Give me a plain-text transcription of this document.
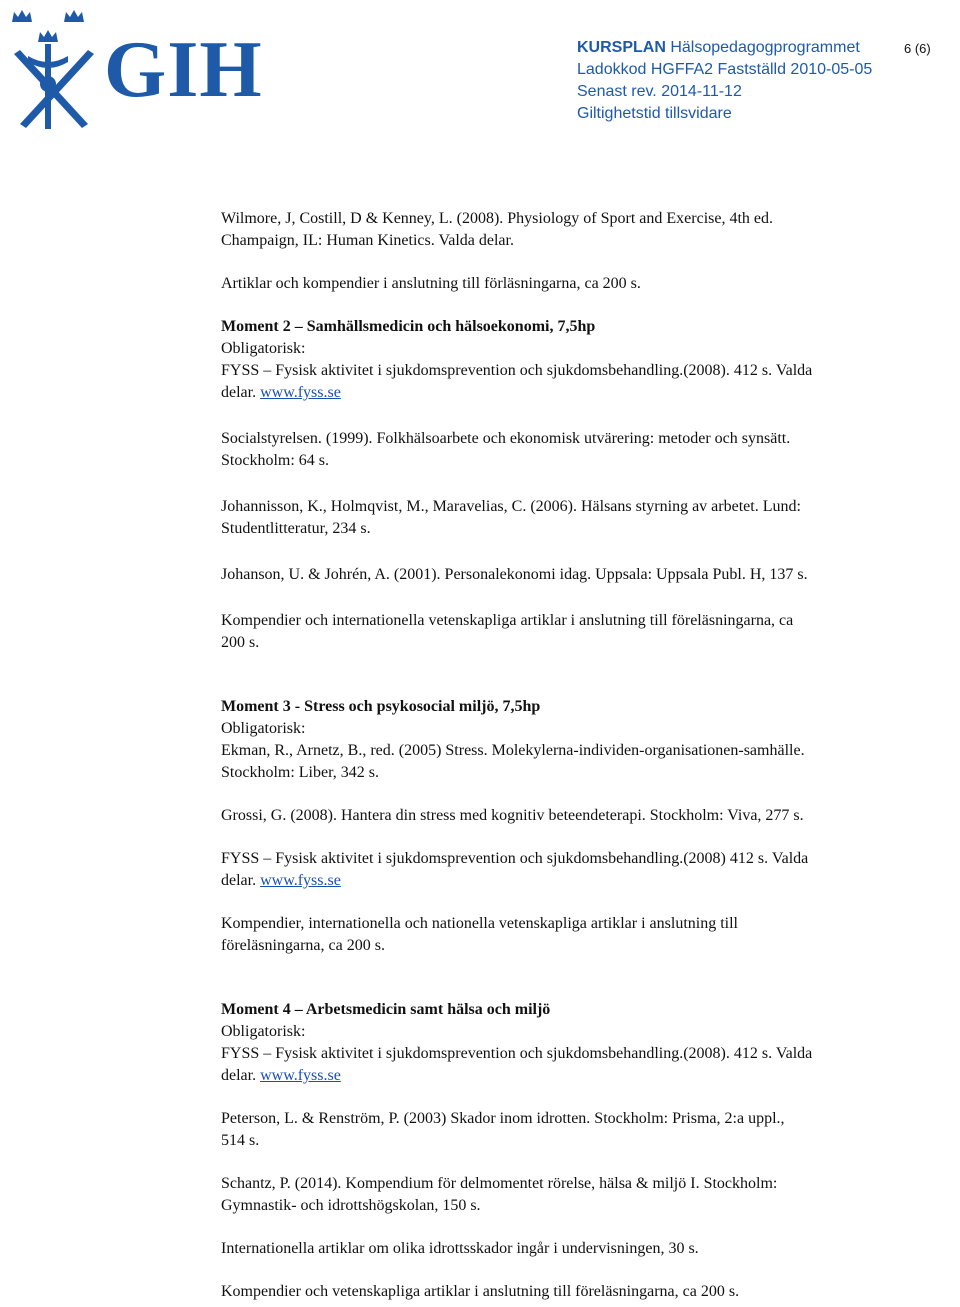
GIH	KURSPLAN Hälsopedagogprogrammet
Ladokkod HGFFA2 Fastställd 2010-05-05
Senast rev. 2014-11-12
Giltighetstid tillsvidare
6 (6)
Wilmore, J, Costill, D & Kenney, L. (2008). Physiology of Sport and Exercise, 4th ed.
Champaign, IL: Human Kinetics. Valda delar.
Artiklar och kompendier i anslutning till förläsningarna, ca 200 s.
Moment 2 – Samhällsmedicin och hälsoekonomi, 7,5hp
Obligatorisk:
FYSS – Fysisk aktivitet i sjukdomsprevention och sjukdomsbehandling.(2008). 412 s. Valda
delar. www.fyss.se
Socialstyrelsen. (1999). Folkhälsoarbete och ekonomisk utvärering: metoder och synsätt.
Stockholm: 64 s.
Johannisson, K., Holmqvist, M., Maravelias, C. (2006). Hälsans styrning av arbetet. Lund:
Studentlitteratur, 234 s.
Johanson, U. & Johrén, A. (2001). Personalekonomi idag. Uppsala: Uppsala Publ. H, 137 s.
Kompendier och internationella vetenskapliga artiklar i anslutning till föreläsningarna, ca
200 s.
Moment 3 - Stress och psykosocial miljö, 7,5hp
Obligatorisk:
Ekman, R., Arnetz, B., red. (2005) Stress. Molekylerna-individen-organisationen-samhälle.
Stockholm: Liber, 342 s.
Grossi, G. (2008). Hantera din stress med kognitiv beteendeterapi. Stockholm: Viva, 277 s.
FYSS – Fysisk aktivitet i sjukdomsprevention och sjukdomsbehandling.(2008) 412 s. Valda
delar. www.fyss.se
Kompendier, internationella och nationella vetenskapliga artiklar i anslutning till
föreläsningarna, ca 200 s.
Moment 4 – Arbetsmedicin samt hälsa och miljö
Obligatorisk:
FYSS – Fysisk aktivitet i sjukdomsprevention och sjukdomsbehandling.(2008). 412 s. Valda
delar. www.fyss.se
Peterson, L. & Renström, P. (2003) Skador inom idrotten. Stockholm: Prisma, 2:a uppl.,
514 s.
Schantz, P. (2014). Kompendium för delmomentet rörelse, hälsa & miljö I. Stockholm:
Gymnastik- och idrottshögskolan, 150 s.
Internationella artiklar om olika idrottsskador ingår i undervisningen, 30 s.
Kompendier och vetenskapliga artiklar i anslutning till föreläsningarna, ca 200 s.
